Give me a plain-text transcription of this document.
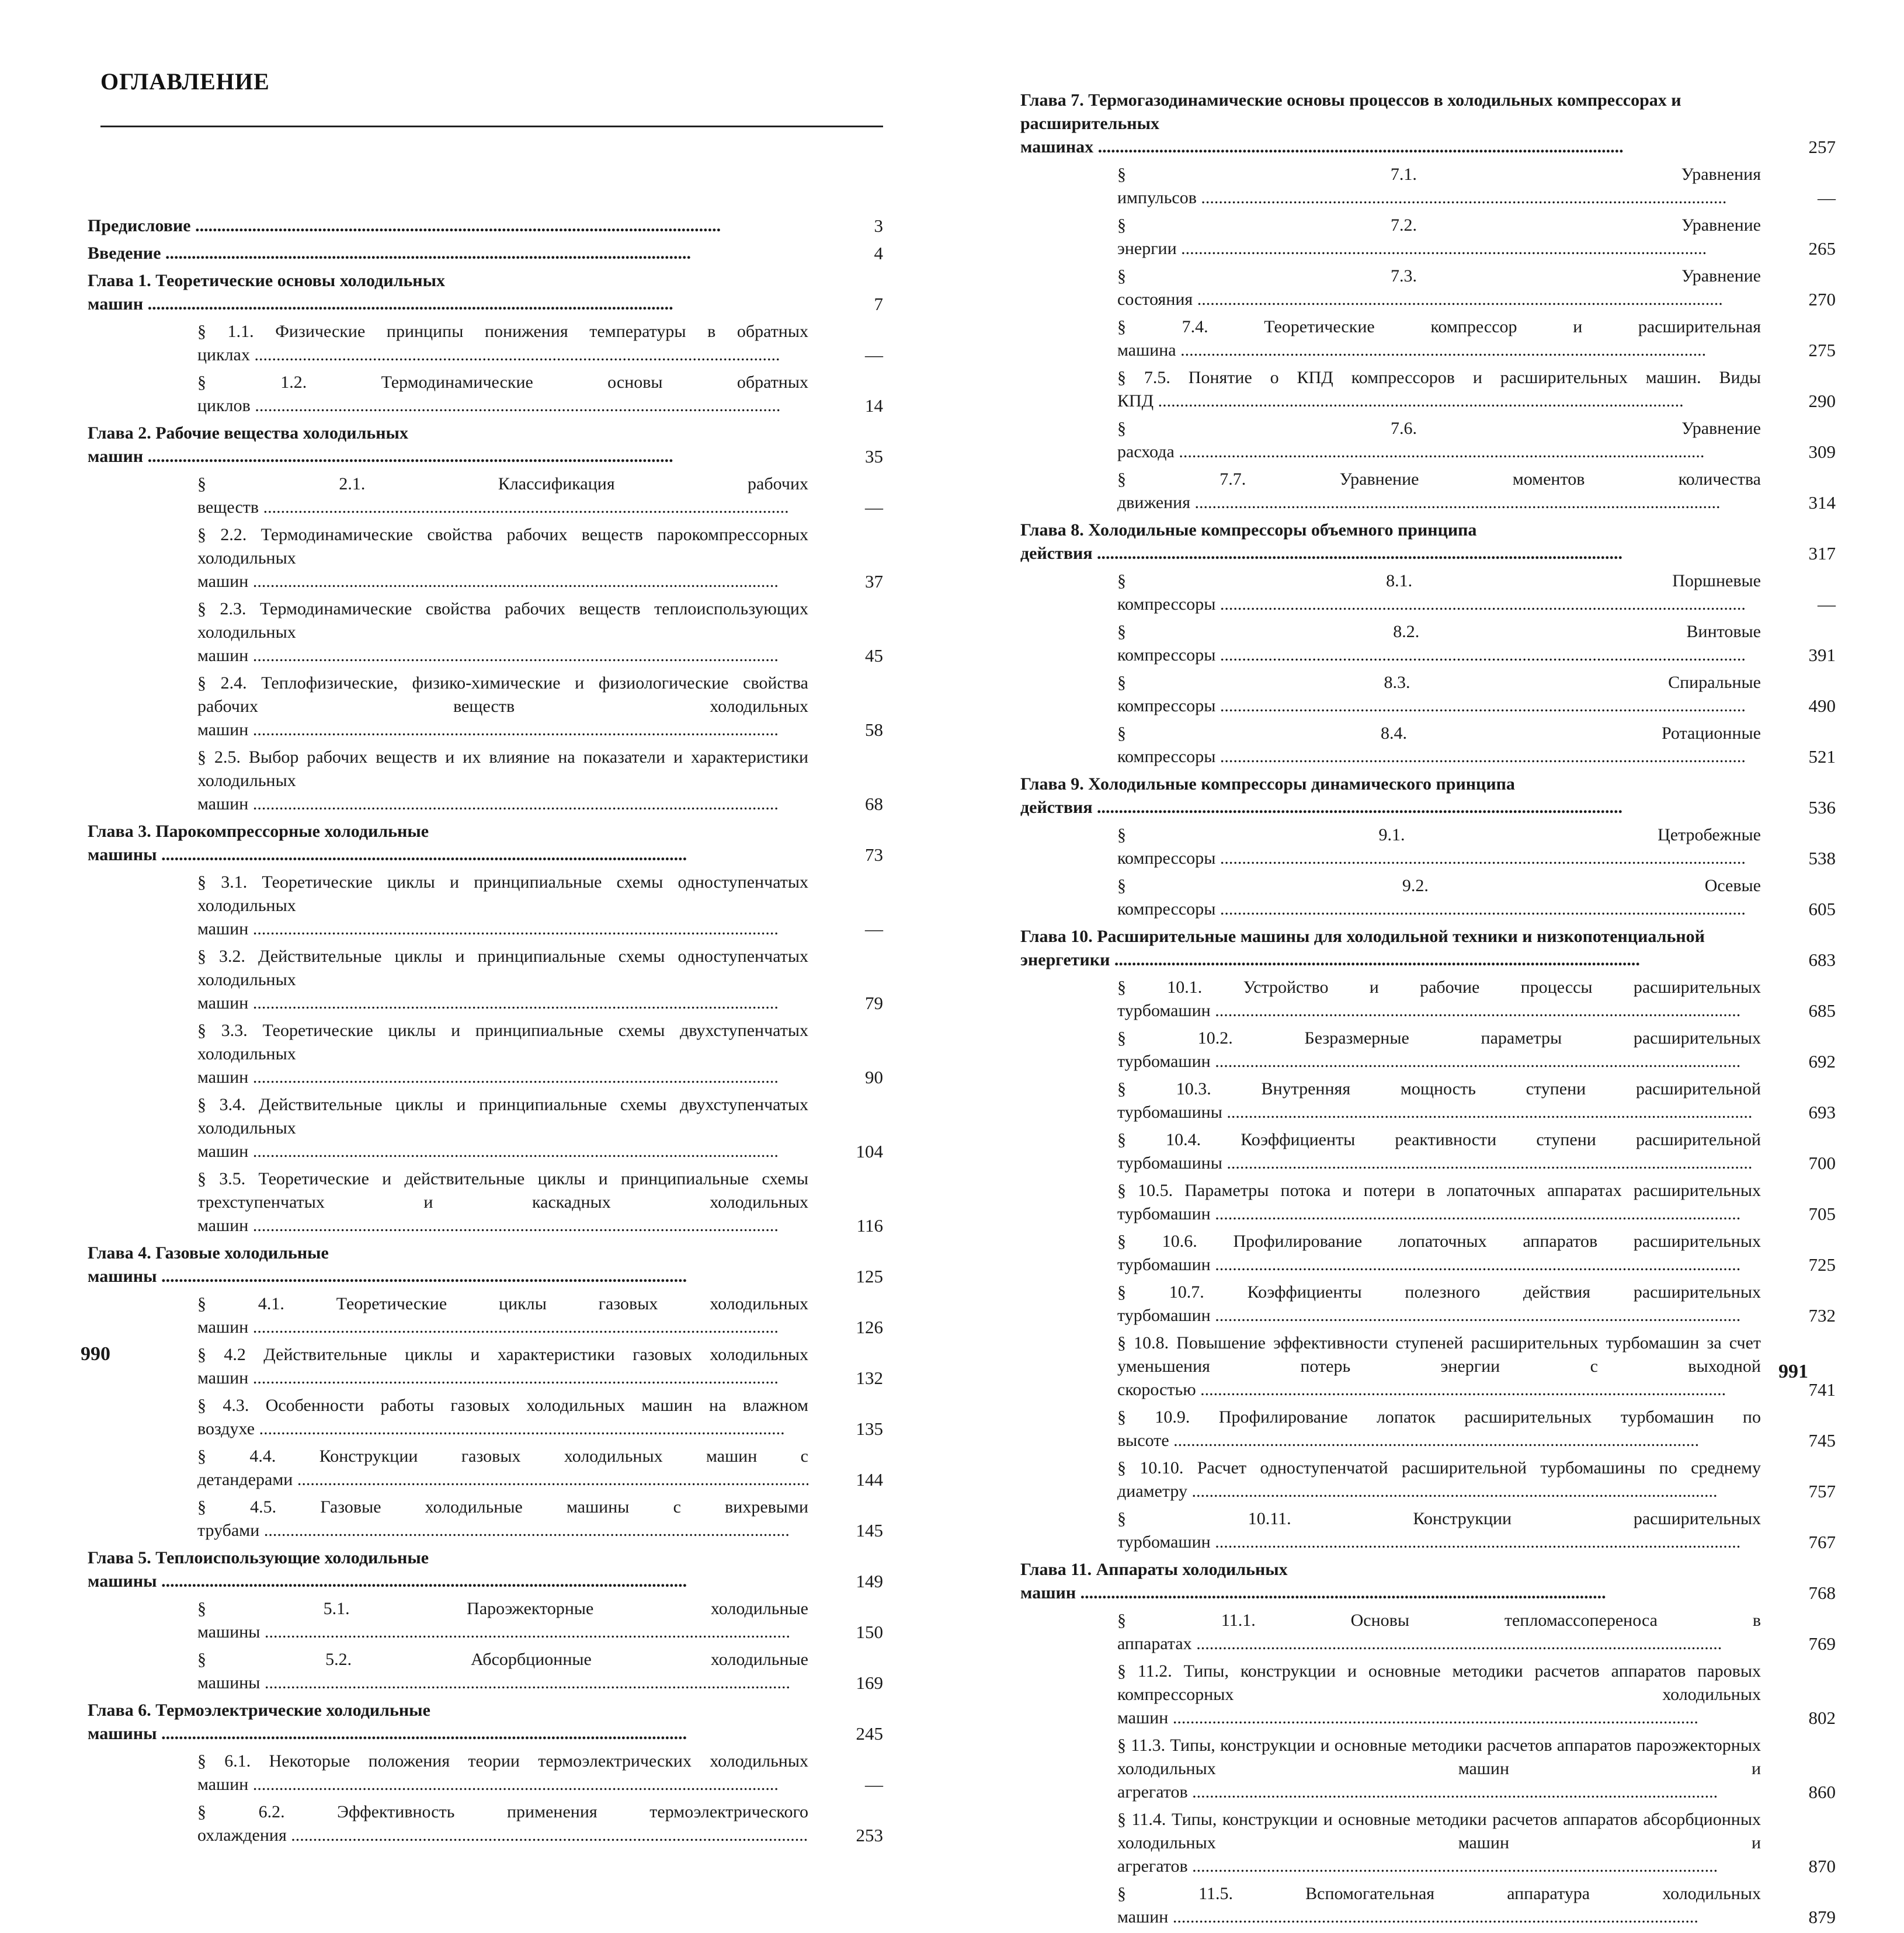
ОГЛАВЛЕНИЕ
Предисловие .....	3
Введение .....	4
Глава 1. Теоретические основы холодильных машин .....	7
§ 1.1. Физические принципы понижения температуры в обратных циклах .....	—
§ 1.2. Термодинамические основы обратных циклов .....	14
Глава 2. Рабочие вещества холодильных машин .....	35
§ 2.1. Классификация рабочих веществ .....	—
§ 2.2. Термодинамические свойства рабочих веществ парокомпрессорных холодильных машин .....	37
§ 2.3. Термодинамические свойства рабочих веществ теплоиспользующих холодильных машин .....	45
§ 2.4. Теплофизические, физико-химические и физиологические свойства рабочих веществ холодильных машин .....	58
§ 2.5. Выбор рабочих веществ и их влияние на показатели и характеристики холодильных машин .....	68
Глава 3. Парокомпрессорные холодильные машины .....	73
§ 3.1. Теоретические циклы и принципиальные схемы одноступенчатых холодильных машин .....	—
§ 3.2. Действительные циклы и принципиальные схемы одноступенчатых холодильных машин .....	79
§ 3.3. Теоретические циклы и принципиальные схемы двухступенчатых холодильных машин .....	90
§ 3.4. Действительные циклы и принципиальные схемы двухступенчатых холодильных машин .....	104
§ 3.5. Теоретические и действительные циклы и принципиальные схемы трехступенчатых и каскадных холодильных машин .....	116
Глава 4. Газовые холодильные машины .....	125
§ 4.1. Теоретические циклы газовых холодильных машин .....	126
§ 4.2 Действительные циклы и характеристики газовых холодильных машин .....	132
§ 4.3. Особенности работы газовых холодильных машин на влажном воздухе .....	135
§ 4.4. Конструкции газовых холодильных машин с детандерами .....	144
§ 4.5. Газовые холодильные машины с вихревыми трубами .....	145
Глава 5. Теплоиспользующие холодильные машины .....	149
§ 5.1. Пароэжекторные холодильные машины .....	150
§ 5.2. Абсорбционные холодильные машины .....	169
Глава 6. Термоэлектрические холодильные машины .....	245
§ 6.1. Некоторые положения теории термоэлектрических холодильных машин .....	—
§ 6.2. Эффективность применения термоэлектрического охлаждения .....	253
990
Глава 7. Термогазодинамические основы процессов в холодильных компрессорах и расширительных машинах .....	257
§ 7.1. Уравнения импульсов .....	—
§ 7.2. Уравнение энергии .....	265
§ 7.3. Уравнение состояния .....	270
§ 7.4. Теоретические компрессор и расширительная машина .....	275
§ 7.5. Понятие о КПД компрессоров и расширительных машин. Виды КПД .....	290
§ 7.6. Уравнение расхода .....	309
§ 7.7. Уравнение моментов количества движения .....	314
Глава 8. Холодильные компрессоры объемного принципа действия .....	317
§ 8.1. Поршневые компрессоры .....	—
§ 8.2. Винтовые компрессоры .....	391
§ 8.3. Спиральные компрессоры .....	490
§ 8.4. Ротационные компрессоры .....	521
Глава 9. Холодильные компрессоры динамического принципа действия .....	536
§ 9.1. Цетробежные компрессоры .....	538
§ 9.2. Осевые компрессоры .....	605
Глава 10. Расширительные машины для холодильной техники и низкопотенциальной энергетики .....	683
§ 10.1. Устройство и рабочие процессы расширительных турбомашин .....	685
§ 10.2. Безразмерные параметры расширительных турбомашин .....	692
§ 10.3. Внутренняя мощность ступени расширительной турбомашины .....	693
§ 10.4. Коэффициенты реактивности ступени расширительной турбомашины .....	700
§ 10.5. Параметры потока и потери в лопаточных аппаратах расширительных турбомашин .....	705
§ 10.6. Профилирование лопаточных аппаратов расширительных турбомашин .....	725
§ 10.7. Коэффициенты полезного действия расширительных турбомашин .....	732
§ 10.8. Повышение эффективности ступеней расширительных турбомашин за счет уменьшения потерь энергии с выходной скоростью .....	741
§ 10.9. Профилирование лопаток расширительных турбомашин по высоте .....	745
§ 10.10. Расчет одноступенчатой расширительной турбомашины по среднему диаметру .....	757
§ 10.11. Конструкции расширительных турбомашин .....	767
Глава 11. Аппараты холодильных машин .....	768
§ 11.1. Основы тепломассопереноса в аппаратах .....	769
§ 11.2. Типы, конструкции и основные методики расчетов аппаратов паровых компрессорных холодильных машин .....	802
§ 11.3. Типы, конструкции и основные методики расчетов аппаратов пароэжекторных холодильных машин и агрегатов .....	860
§ 11.4. Типы, конструкции и основные методики расчетов аппаратов абсорбционных холодильных машин и агрегатов .....	870
§ 11.5. Вспомогательная аппаратура холодильных машин .....	879
991
